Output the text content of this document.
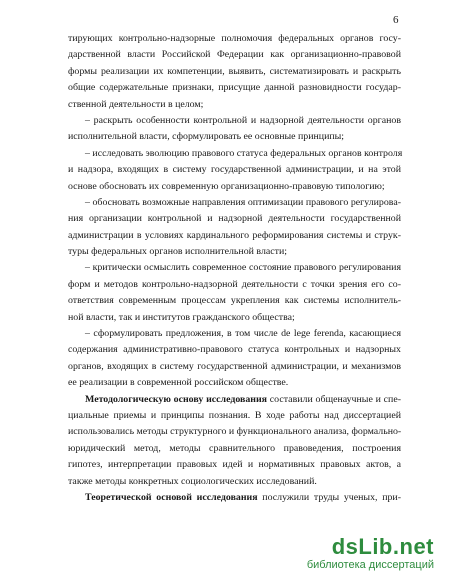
6
тирующих контрольно-надзорные полномочия федеральных органов госу-
дарственной власти Российской Федерации как организационно-правовой
формы реализации их компетенции, выявить, систематизировать и раскрыть
общие содержательные признаки, присущие данной разновидности государ-
ственной деятельности в целом;
– раскрыть особенности контрольной и надзорной деятельности органов
исполнительной власти, сформулировать ее основные принципы;
– исследовать эволюцию правового статуса федеральных органов контроля
и надзора, входящих в систему государственной администрации, и на этой
основе обосновать их современную организационно-правовую типологию;
– обосновать возможные направления оптимизации правового регулирова-
ния организации контрольной и надзорной деятельности государственной
администрации в условиях кардинального реформирования системы и струк-
туры федеральных органов исполнительной власти;
– критически осмыслить современное состояние правового регулирования
форм и методов контрольно-надзорной деятельности с точки зрения его со-
ответствия современным процессам укрепления как системы исполнитель-
ной власти, так и институтов гражданского общества;
– сформулировать предложения, в том числе de lege ferenda, касающиеся
содержания административно-правового статуса контрольных и надзорных
органов, входящих в систему государственной администрации, и механизмов
ее реализации в современной российском обществе.
Методологическую основу исследования составили общенаучные и спе-
циальные приемы и принципы познания. В ходе работы над диссертацией
использовались методы структурного и функционального анализа, формально-
юридический метод, методы сравнительного правоведения, построения
гипотез, интерпретации правовых идей и нормативных правовых актов, а
также методы конкретных социологических исследований.
Теоретической основой исследования послужили труды ученых, при-
dsLib.net
библиотека диссертаций
